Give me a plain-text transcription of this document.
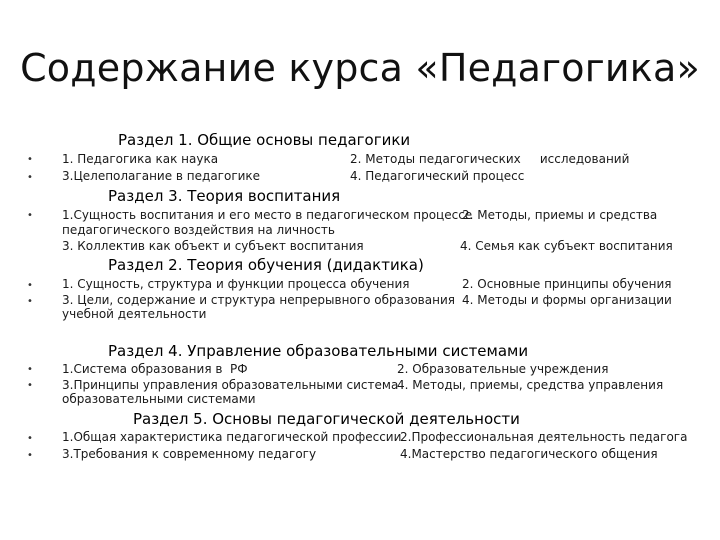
Содержание курса «Педагогика»
Раздел 1. Общие основы педагогики
•
•
1. Педагогика как наука
3.Целеполагание в педагогике
2. Методы педагогических     исследований
4. Педагогический процесс
Раздел 3. Теория воспитания
• 1.Сущность воспитания и его место в педагогическом процессе
педагогического воздействия на личность
3. Коллектив как объект и субъект воспитания
2. Методы, приемы и средства
4. Семья как субъект воспитания
Раздел 2. Теория обучения (дидактика)
•
•
1. Сущность, структура и функции процесса обучения
3. Цели, содержание и структура непрерывного образования
учебной деятельности
2. Основные принципы обучения
4. Методы и формы организации
Раздел 4. Управление образовательными системами
•
•
1.Система образования в  РФ
3.Принципы управления образовательными система
образовательными системами
2. Образовательные учреждения
4. Методы, приемы, средства управления
Раздел 5. Основы педагогической деятельности
•
•
1.Общая характеристика педагогической профессии
3.Требования к современному педагогу
2.Профессиональная деятельность педагога
4.Мастерство педагогического общения
